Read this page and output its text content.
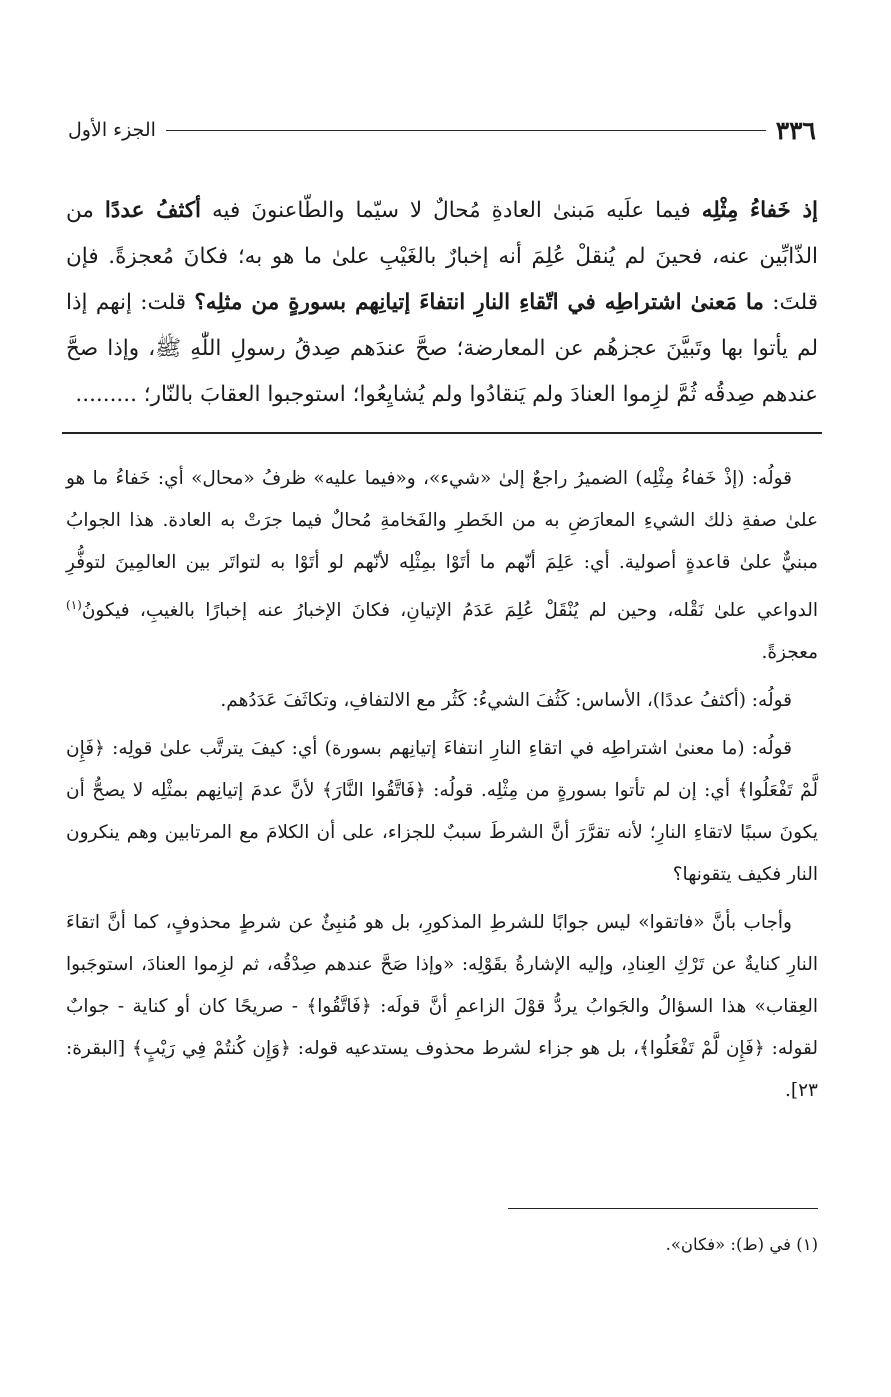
٣٣٦
الجزء الأول

إذ خَفاءُ مِثْلِه فيما علَيه مَبنىٰ العادةِ مُحالٌ لا سيّما والطّاعنونَ فيه أكثفُ عددًا من الذّابِّين عنه، فحينَ لم يُنقلْ عُلِمَ أنه إخبارٌ بالغَيْبِ علىٰ ما هو به؛ فكانَ مُعجزةً. فإن قلتَ: ما مَعنىٰ اشتراطِه في اتّقاءِ النارِ انتفاءَ إتيانِهم بسورةٍ من مثلِه؟ قلت: إنهم إذا لم يأتوا بها وتَبيَّنَ عجزهُم عن المعارضة؛ صحَّ عندَهم صِدقُ رسولِ اللّٰهِ ﷺ، وإذا صحَّ عندهم صِدقُه ثُمَّ لزِموا العنادَ ولم يَنقادُوا ولم يُشايِعُوا؛ استوجبوا العقابَ بالنّار؛ .........

قولُه: (إذْ خَفاءُ مِثْلِه) الضميرُ راجعٌ إلىٰ «شيء»، و«فيما عليه» ظرفُ «محال» أي: خَفاءُ ما هو علىٰ صفةِ ذلك الشيءِ المعارَضِ به من الخَطرِ والفَخامةِ مُحالٌ فيما جرَتْ به العادة. هذا الجوابُ مبنيٌّ علىٰ قاعدةٍ أصولية. أي: عَلِمَ أنّهم ما أتَوْا بمِثْلِه لأنّهم لو أتَوْا به لتواتَر بين العالمِينَ لتوفُّرِ الدواعي علىٰ نَقْله، وحين لم يُنْقَلْ عُلِمَ عَدَمُ الإتيانِ، فكانَ الإخبارُ عنه إخبارًا بالغيبِ، فيكونُ$^{(١)}$ معجزةً.

قولُه: (أكثفُ عددًا)، الأساس: كَثُفَ الشيءُ: كَثُر مع الالتفافِ، وتكاثَفَ عَدَدُهم.

قولُه: (ما معنىٰ اشتراطِه في اتقاءِ النارِ انتفاءَ إتيانِهم بسورة) أي: كيفَ يترتَّب علىٰ قولِه: ﴿فَإِن لَّمْ تَفْعَلُوا﴾ أي: إن لم تأتوا بسورةٍ من مِثْلِه. قولُه: ﴿فَاتَّقُوا النَّارَ﴾ لأنَّ عدمَ إتيانِهم بمثْلِه لا يصحُّ أن يكونَ سببًا لاتقاءِ النارِ؛ لأنه تقرَّرَ أنَّ الشرطَ سببٌ للجزاء، على أن الكلامَ مع المرتابين وهم ينكرون النار فكيف يتقونها؟

وأجاب بأنَّ «فاتقوا» ليس جوابًا للشرطِ المذكورِ، بل هو مُنبِئٌ عن شرطٍ محذوفٍ، كما أنَّ اتقاءَ النارِ كنايةٌ عن تَرْكِ العِنادِ، وإليه الإشارةُ بقَوْلِه: «وإذا صَحَّ عندهم صِدْقُه، ثم لزِموا العنادَ، استوجَبوا العِقاب» هذا السؤالُ والجَوابُ يردُّ قوْلَ الزاعمِ أنَّ قولَه: ﴿فَاتَّقُوا﴾ - صريحًا كان أو كناية - جوابٌ لقوله: ﴿فَإِن لَّمْ تَفْعَلُوا﴾، بل هو جزاء لشرط محذوف يستدعيه قوله: ﴿وَإِن كُنتُمْ فِي رَيْبٍ﴾ [البقرة: ٢٣].

(١) في (ط): «فكان».
